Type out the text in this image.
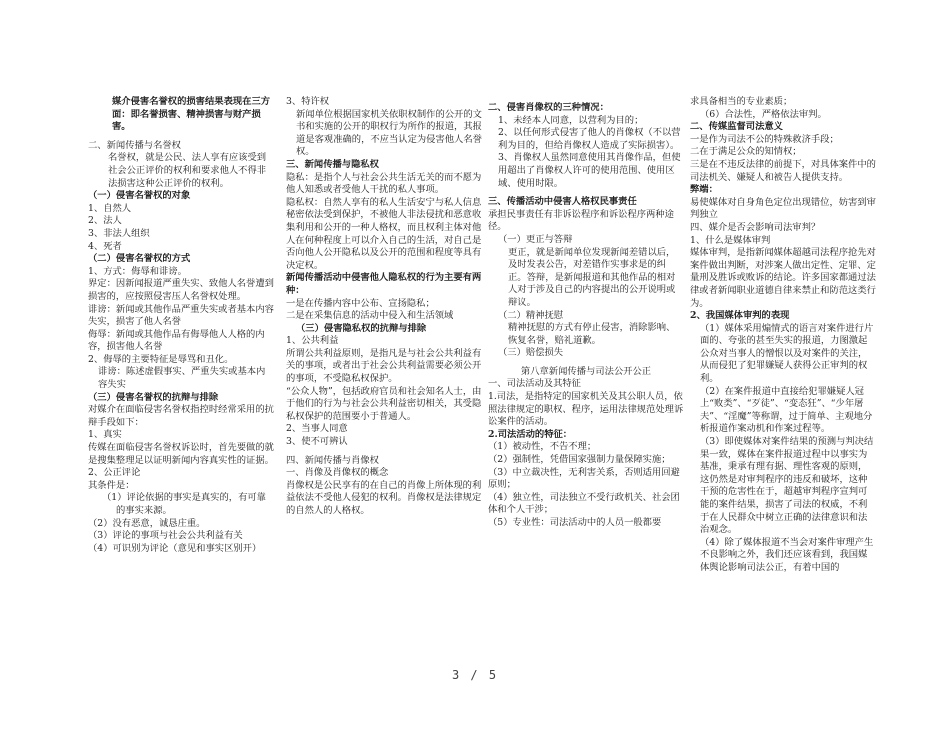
媒介侵害名誉权的损害结果表现在三方面：即名誉损害、精神损害与财产损害。

二、新闻传播与名誉权

名誉权，就是公民、法人享有应该受到社会公正评价的权利和要求他人不得非法损害这种公正评价的权利。

（一）侵害名誉权的对象

1、自然人

2、法人

3、非法人组织

4、死者

（二）侵害名誉权的方式

1、方式：侮辱和诽谤。

界定：因新闻报道严重失实、致他人名誉遭到损害的，应按照侵害压人名誉权处理。

诽谤：新闻或其他作品严重失实或者基本内容失实，损害了他人名誉

侮辱：新闻或其他作品有侮辱他人人格的内容，损害他人名誉

2、侮辱的主要特征是辱骂和丑化。

诽谤：陈述虚假事实、严重失实或基本内容失实

（三）侵害名誉权的抗辩与排除

对媒介在面临侵害名誉权指控时经常采用的抗辩手段如下：

1、真实

传媒在面临侵害名誉权诉讼时，首先要做的就是搜集整理足以证明新闻内容真实性的证据。

2、公正评论

其条件是：

（1）评论依据的事实是真实的，有可靠的事实来源。

（2）没有恶意，诚恳庄重。

（3）评论的事项与社会公共利益有关

（4）可识别为评论（意见和事实区别开）

3、特许权

新闻单位根据国家机关依职权制作的公开的文书和实施的公开的职权行为所作的报道，其报道是客观准确的，不应当认定为侵害他人名誉权。

三、新闻传播与隐私权

隐私：是指个人与社会公共生活无关的而不愿为他人知悉或者受他人干扰的私人事项。

隐私权：自然人享有的私人生活安宁与私人信息秘密依法受到保护，不被他人非法侵扰和恶意收集利用和公开的一种人格权，而且权利主体对他人在何种程度上可以介入自己的生活，对自己是否向他人公开隐私以及公开的范围和程度等具有决定权。

新闻传播活动中侵害他人隐私权的行为主要有两种：

一是在传播内容中公布、宣扬隐私；

二是在采集信息的活动中侵入和生活领域

（三）侵害隐私权的抗辩与排除

1、公共利益

所谓公共利益原则，是指凡是与社会公共利益有关的事项，或者出于社会公共利益需要必须公开的事项，不受隐私权保护。

“公众人物”，包括政府官员和社会知名人士，由于他们的行为与社会公共利益密切相关，其受隐私权保护的范围要小于普通人。

2、当事人同意

3、使不可辨认

四、新闻传播与肖像权

一、肖像及肖像权的概念

肖像权是公民享有的在自己的肖像上所体现的利益依法不受他人侵犯的权利。肖像权是法律规定的自然人的人格权。

二、侵害肖像权的三种情况：

1、未经本人同意，以营利为目的；

2、以任何形式侵害了他人的肖像权（不以营利为目的，但给肖像权人造成了实际损害）。

3、肖像权人虽然同意使用其肖像作品，但使用超出了肖像权人许可的使用范围、使用区域、使用时限。

三、传播活动中侵害人格权民事责任

承担民事责任有非诉讼程序和诉讼程序两种途径。

（一）更正与答辩

更正，就是新闻单位发现新闻差错以后，及时发表公告，对差错作实事求是的纠正。答辩，是新闻报道和其他作品的相对人对于涉及自己的内容提出的公开说明或辩议。

（二）精神抚慰

精神抚慰的方式有停止侵害，消除影响、恢复名誉，赔礼道歉。

（三）赔偿损失

第八章新闻传播与司法公开公正

一、司法活动及其特征

1.司法，是指特定的国家机关及其公职人员，依照法律规定的职权、程序，运用法律规范处理诉讼案件的活动。

2.司法活动的特征：

（1）被动性，不告不理；

（2）强制性，凭借国家强制力量保障实施；

（3）中立裁决性，无利害关系，否则适用回避原则；

（4）独立性，司法独立不受行政机关、社会团体和个人干涉；

（5）专业性：司法活动中的人员一般都要

求具备相当的专业素质；

（6）合法性，严格依法审判。

二、传媒监督司法意义

一是作为司法不公的特殊救济手段；

二在于满足公众的知情权；

三是在不违反法律的前提下，对具体案件中的司法机关、嫌疑人和被告人提供支持。

弊端：

易使媒体对自身角色定位出现错位，妨害到审判独立

四、媒介是否会影响司法审判？

1、什么是媒体审判

媒体审判，是指新闻媒体超越司法程序抢先对案件做出判断，对涉案人做出定性、定罪、定量刑及胜诉或败诉的结论。许多国家都通过法律或者新闻职业道德自律来禁止和防范这类行为。

2、我国媒体审判的表现

（1）媒体采用煽情式的语言对案件进行片面的、夸张的甚至失实的报道，力图激起公众对当事人的憎恨以及对案件的关注，从而侵犯了犯罪嫌疑人获得公正审判的权利。

（2）在案件报道中直接给犯罪嫌疑人冠上“败类”、“歹徒”、“变态狂”、“少年屠夫”、“淫魔”等称谓，过于简单、主观地分析报道作案动机和作案过程等。

（3）即使媒体对案件结果的预测与判决结果一致，媒体在案件报道过程中以事实为基准，秉承有理有据、理性客观的原则，这仍然是对审判程序的违反和破坏，这种干预的危害性在于，超越审判程序宣判可能的案件结果，损害了司法的权威，不利于在人民群众中树立正确的法律意识和法治观念。

（4）除了媒体报道不当会对案件审理产生不良影响之外，我们还应该看到，我国媒体舆论影响司法公正，有着中国的

3 / 5
